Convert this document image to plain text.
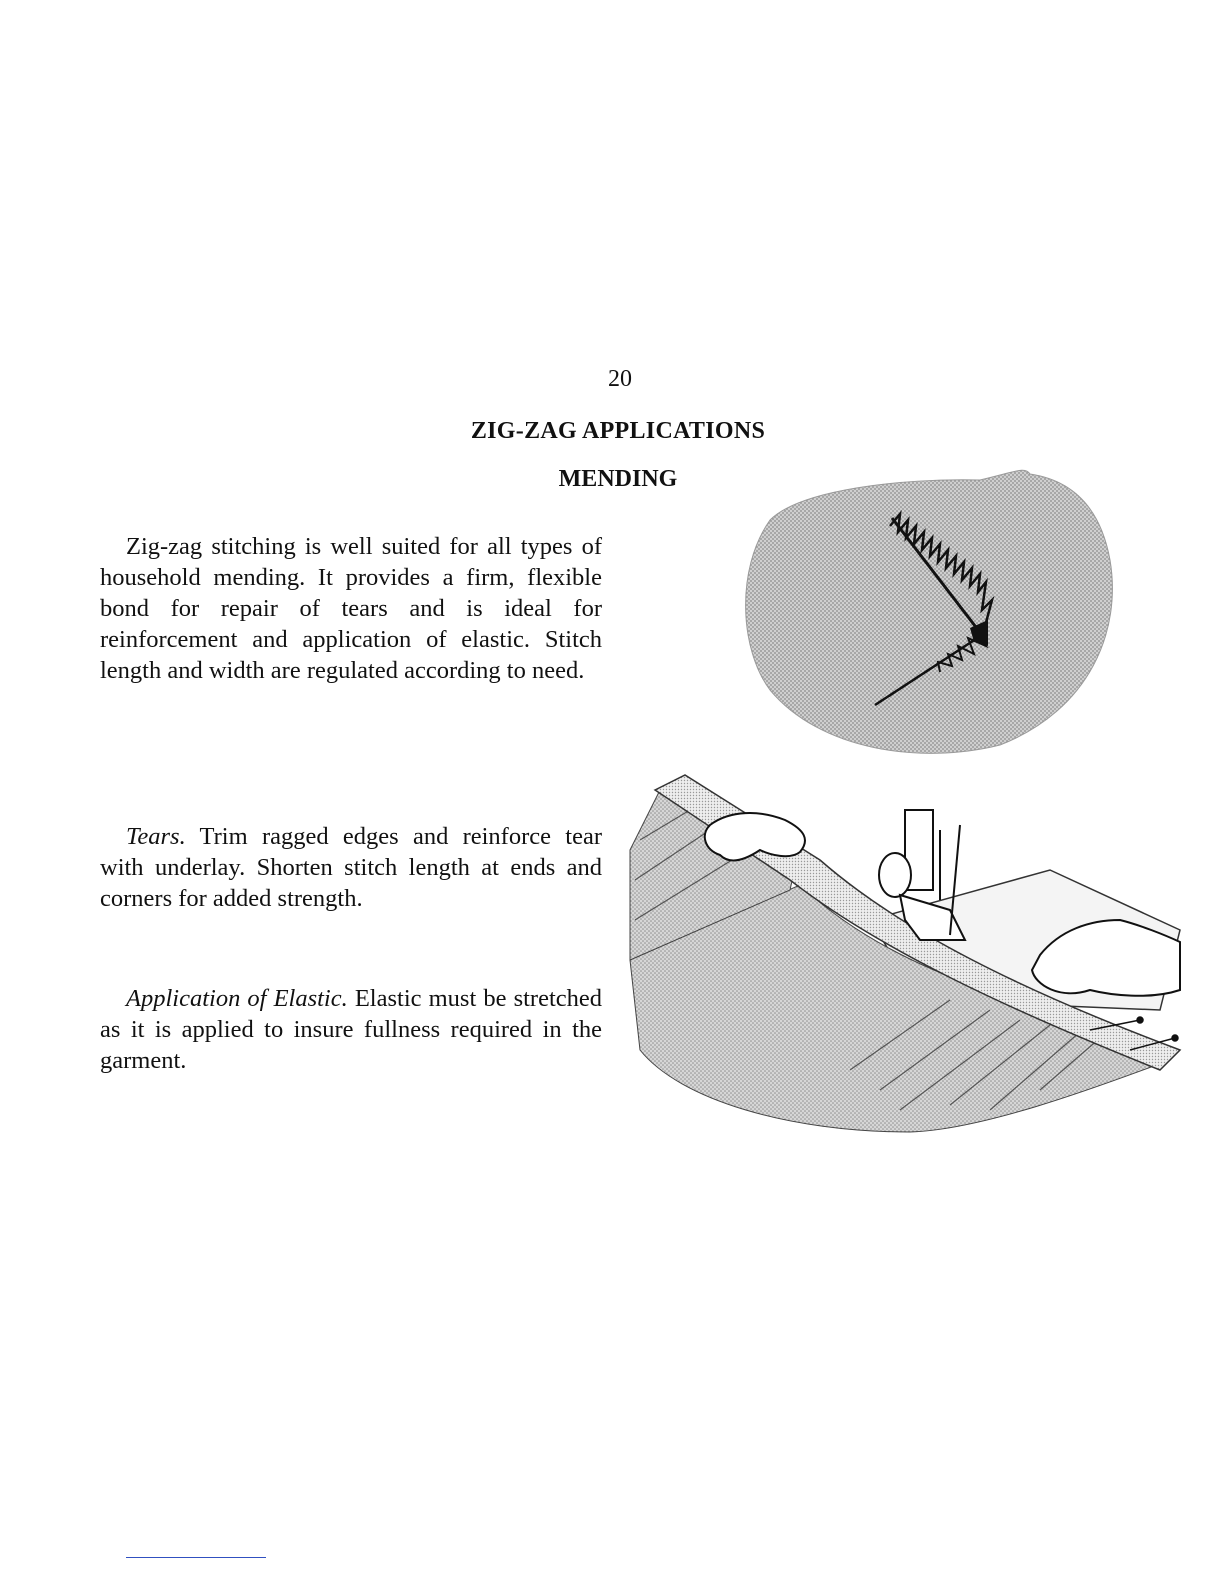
20
ZIG-ZAG APPLICATIONS
MENDING

Zig-zag stitching is well suited for all types of household mending. It provides a firm, flexible bond for repair of tears and is ideal for reinforcement and application of elastic. Stitch length and width are regulated according to need.

Tears. Trim ragged edges and reinforce tear with underlay. Shorten stitch length at ends and corners for added strength.

Application of Elastic. Elastic must be stretched as it is applied to insure fullness required in the garment.
